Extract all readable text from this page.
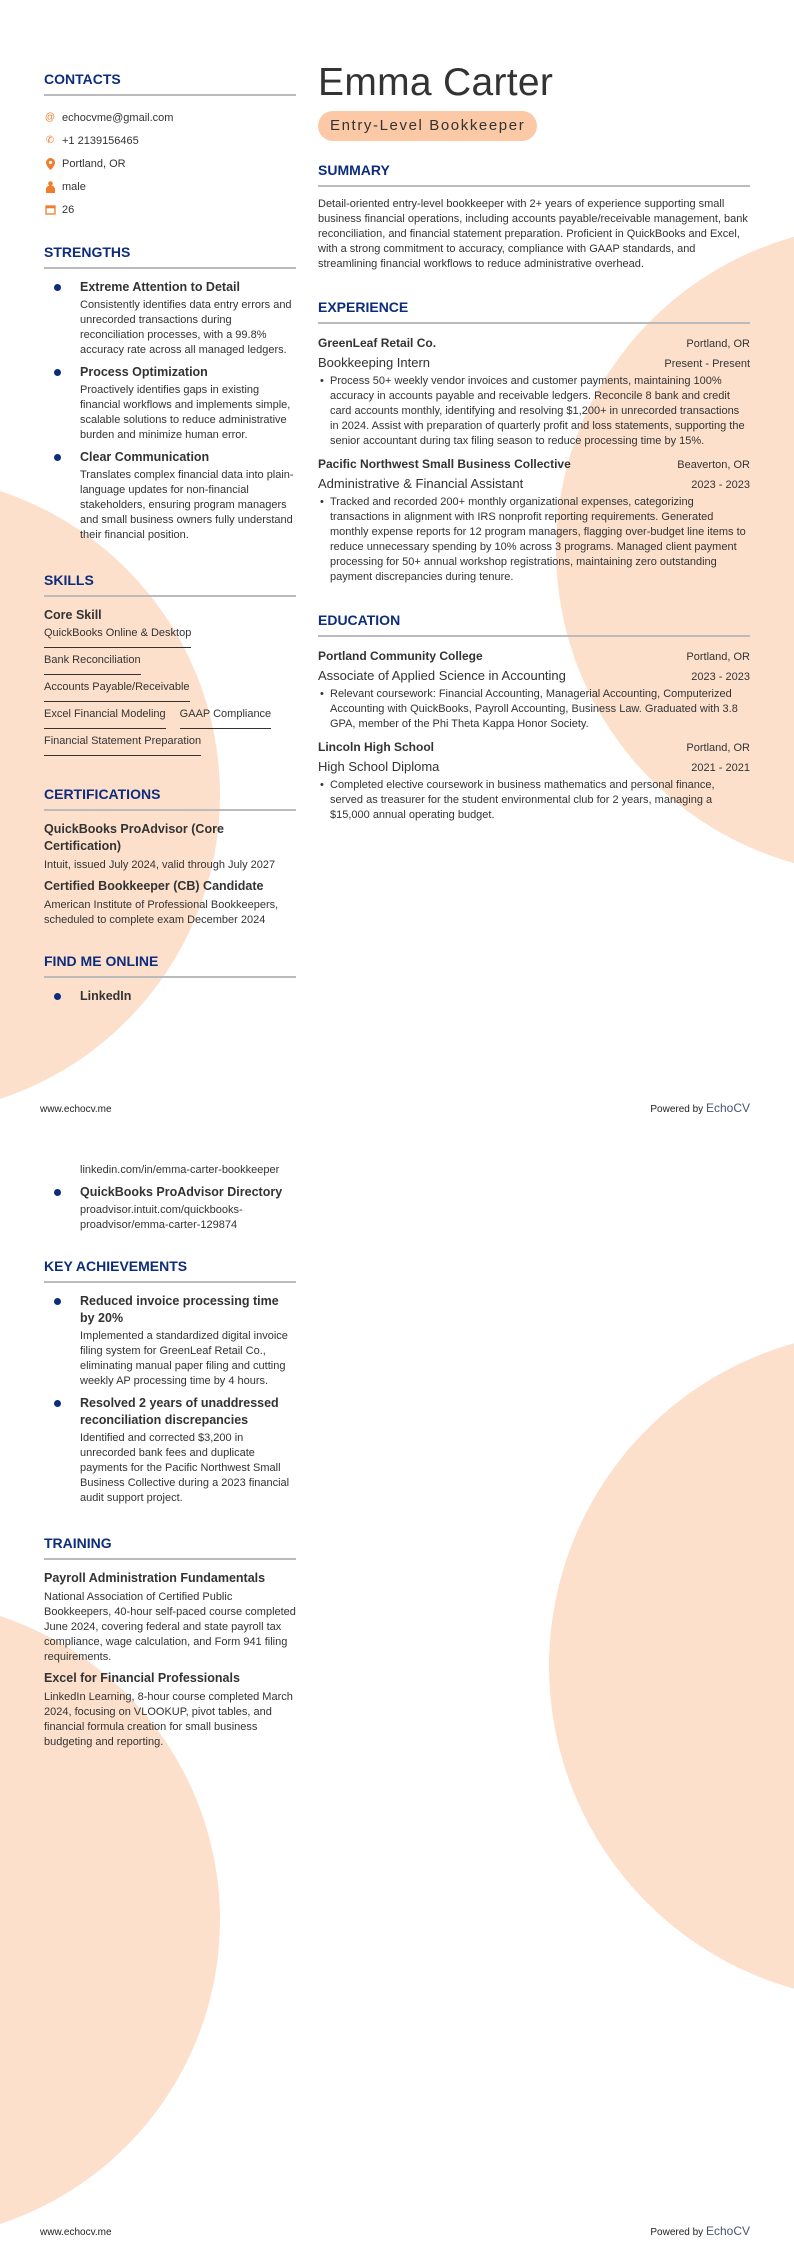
CONTACTS
@ echocvme@gmail.com
✆ +1 2139156465
Portland, OR
male
26
STRENGTHS
Extreme Attention to Detail
Consistently identifies data entry errors and unrecorded transactions during reconciliation processes, with a 99.8% accuracy rate across all managed ledgers.
Process Optimization
Proactively identifies gaps in existing financial workflows and implements simple, scalable solutions to reduce administrative burden and minimize human error.
Clear Communication
Translates complex financial data into plain-language updates for non-financial stakeholders, ensuring program managers and small business owners fully understand their financial position.
SKILLS
Core Skill
QuickBooks Online & Desktop
Bank Reconciliation
Accounts Payable/Receivable
Excel Financial Modeling GAAP Compliance
Financial Statement Preparation
CERTIFICATIONS
QuickBooks ProAdvisor (Core Certification)
Intuit, issued July 2024, valid through July 2027
Certified Bookkeeper (CB) Candidate
American Institute of Professional Bookkeepers, scheduled to complete exam December 2024
FIND ME ONLINE
LinkedIn
Emma Carter
Entry-Level Bookkeeper
SUMMARY
Detail-oriented entry-level bookkeeper with 2+ years of experience supporting small business financial operations, including accounts payable/receivable management, bank reconciliation, and financial statement preparation. Proficient in QuickBooks and Excel, with a strong commitment to accuracy, compliance with GAAP standards, and streamlining financial workflows to reduce administrative overhead.
EXPERIENCE
GreenLeaf Retail Co.	Portland, OR
Bookkeeping Intern	Present - Present
• Process 50+ weekly vendor invoices and customer payments, maintaining 100% accuracy in accounts payable and receivable ledgers. Reconcile 8 bank and credit card accounts monthly, identifying and resolving $1,200+ in unrecorded transactions in 2024. Assist with preparation of quarterly profit and loss statements, supporting the senior accountant during tax filing season to reduce processing time by 15%.
Pacific Northwest Small Business Collective	Beaverton, OR
Administrative & Financial Assistant	2023 - 2023
• Tracked and recorded 200+ monthly organizational expenses, categorizing transactions in alignment with IRS nonprofit reporting requirements. Generated monthly expense reports for 12 program managers, flagging over-budget line items to reduce unnecessary spending by 10% across 3 programs. Managed client payment processing for 50+ annual workshop registrations, maintaining zero outstanding payment discrepancies during tenure.
EDUCATION
Portland Community College	Portland, OR
Associate of Applied Science in Accounting	2023 - 2023
• Relevant coursework: Financial Accounting, Managerial Accounting, Computerized Accounting with QuickBooks, Payroll Accounting, Business Law. Graduated with 3.8 GPA, member of the Phi Theta Kappa Honor Society.
Lincoln High School	Portland, OR
High School Diploma	2021 - 2021
• Completed elective coursework in business mathematics and personal finance, served as treasurer for the student environmental club for 2 years, managing a $15,000 annual operating budget.
www.echocv.me	Powered by EchoCV
linkedin.com/in/emma-carter-bookkeeper
QuickBooks ProAdvisor Directory
proadvisor.intuit.com/quickbooks-proadvisor/emma-carter-129874
KEY ACHIEVEMENTS
Reduced invoice processing time by 20%
Implemented a standardized digital invoice filing system for GreenLeaf Retail Co., eliminating manual paper filing and cutting weekly AP processing time by 4 hours.
Resolved 2 years of unaddressed reconciliation discrepancies
Identified and corrected $3,200 in unrecorded bank fees and duplicate payments for the Pacific Northwest Small Business Collective during a 2023 financial audit support project.
TRAINING
Payroll Administration Fundamentals
National Association of Certified Public Bookkeepers, 40-hour self-paced course completed June 2024, covering federal and state payroll tax compliance, wage calculation, and Form 941 filing requirements.
Excel for Financial Professionals
LinkedIn Learning, 8-hour course completed March 2024, focusing on VLOOKUP, pivot tables, and financial formula creation for small business budgeting and reporting.
www.echocv.me	Powered by EchoCV
